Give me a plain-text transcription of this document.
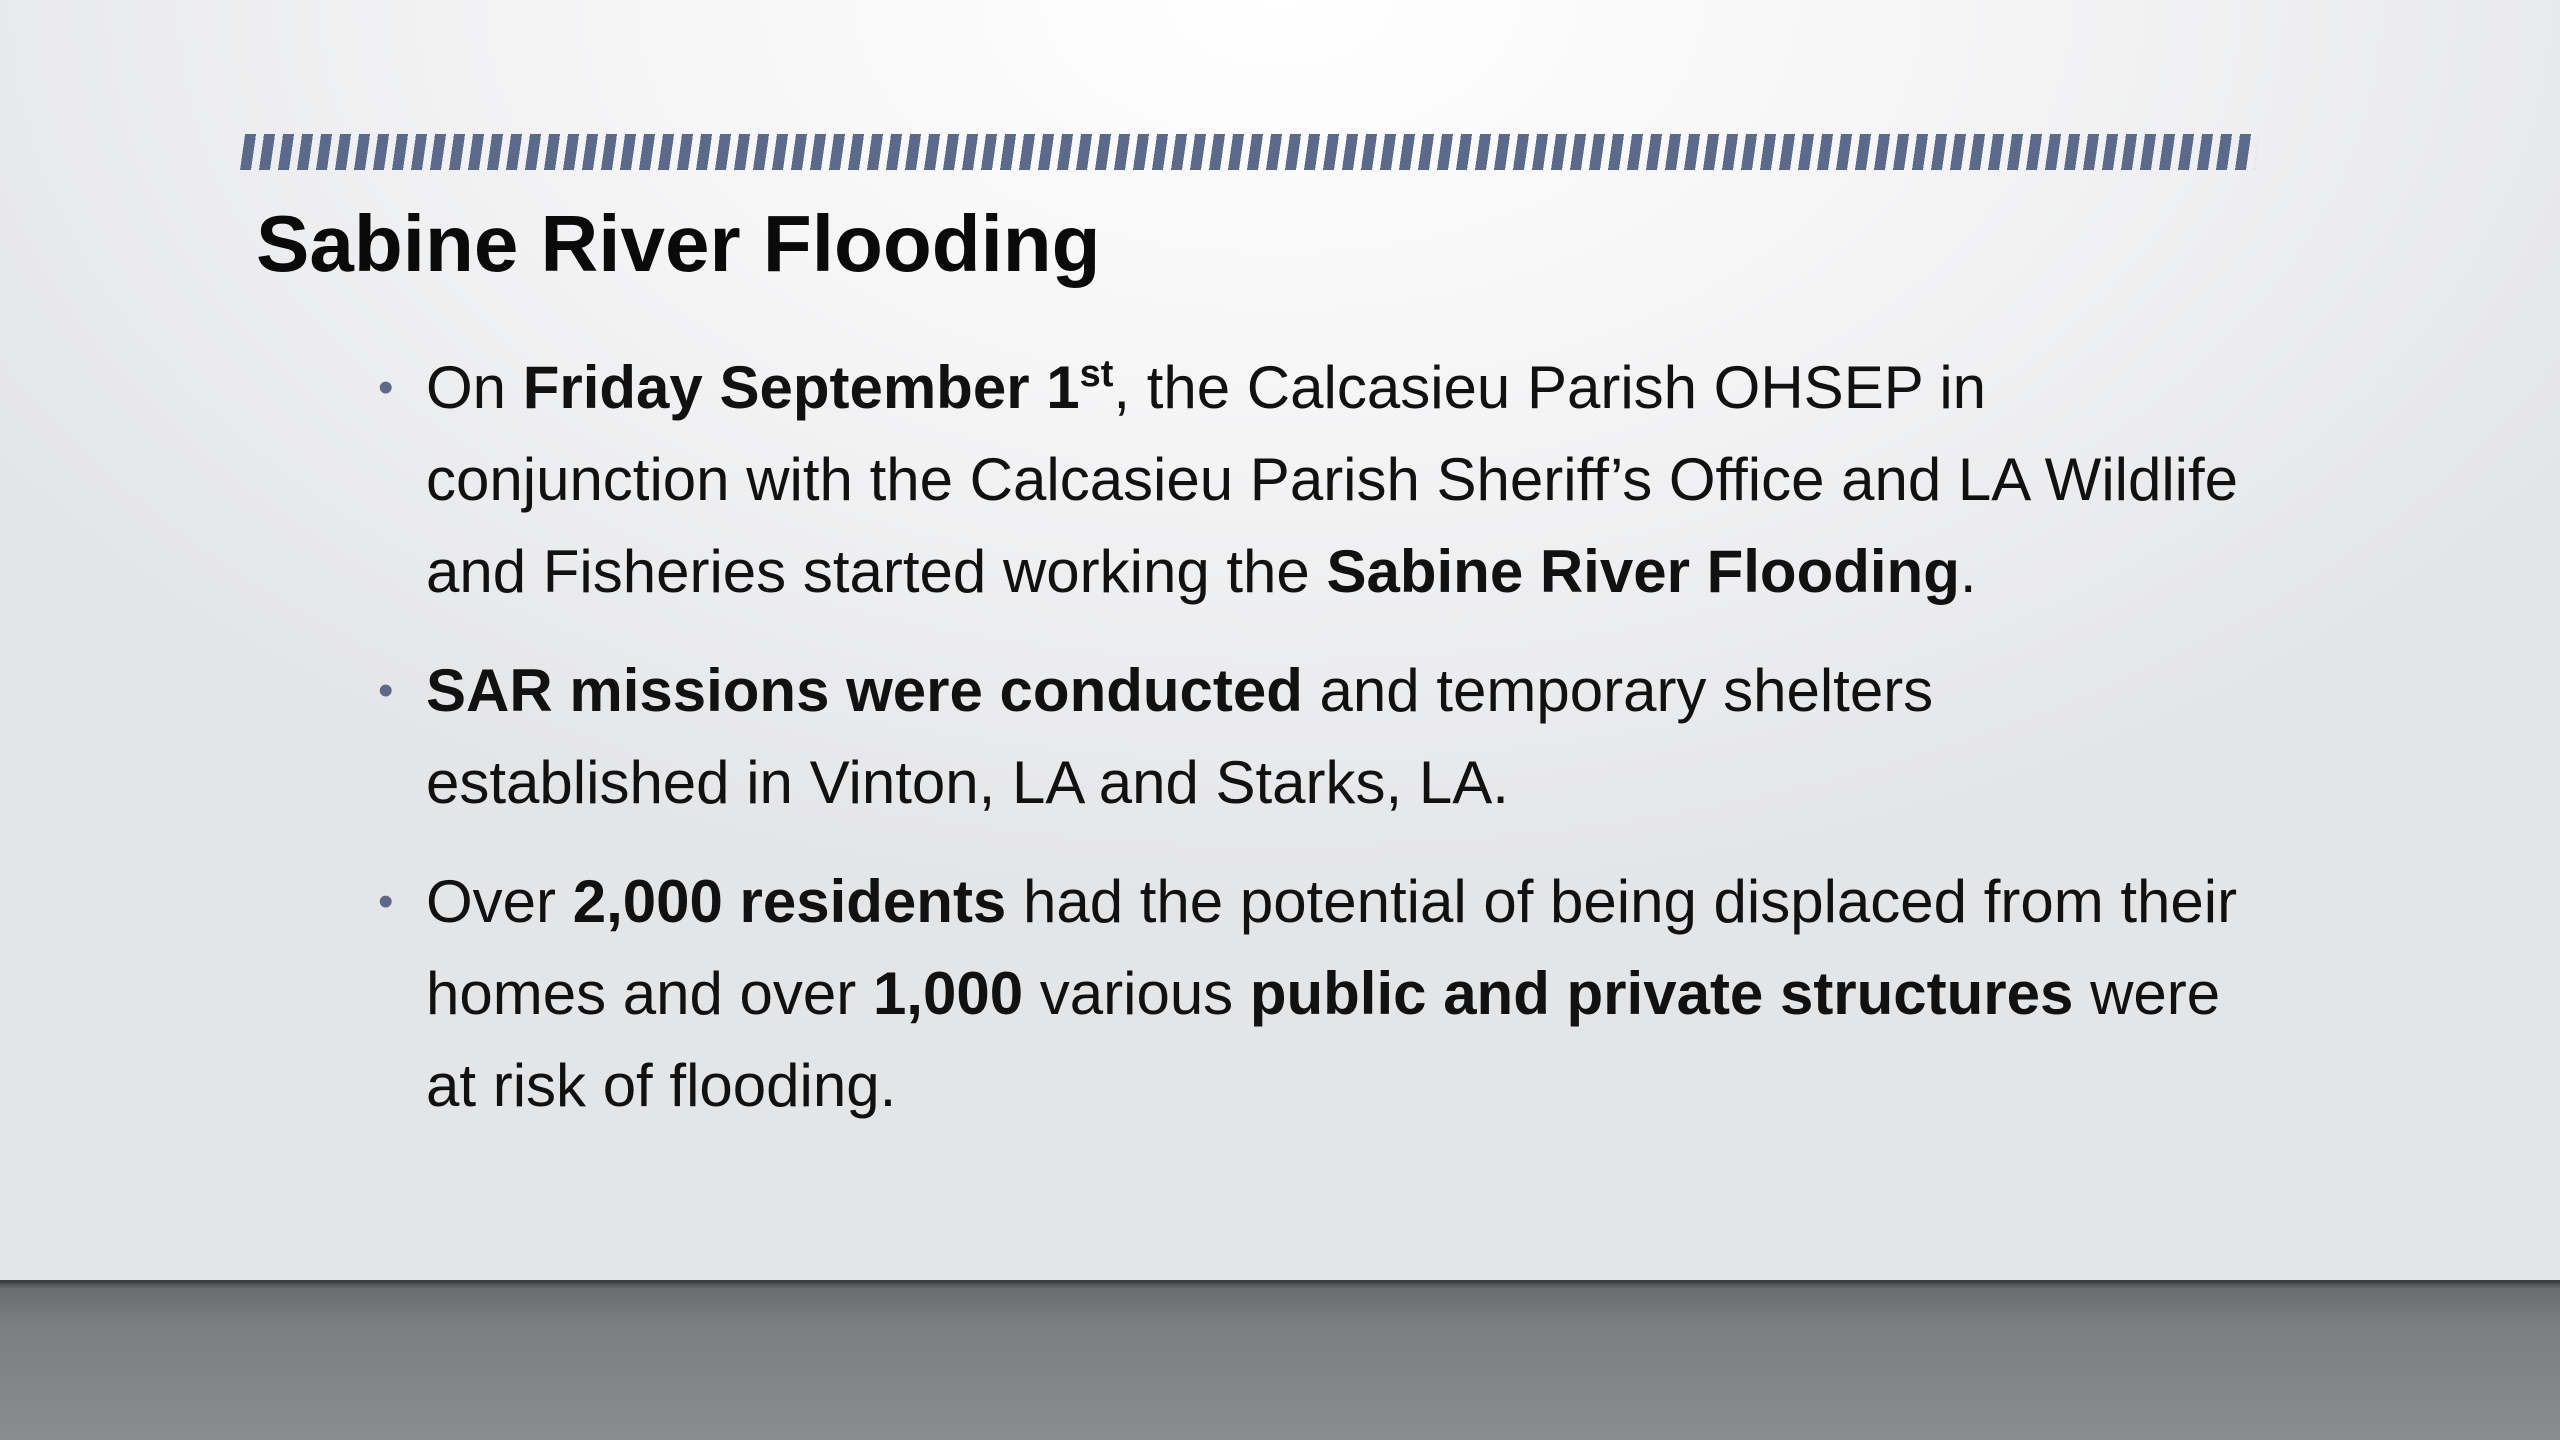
Sabine River Flooding
• On Friday September 1st, the Calcasieu Parish OHSEP in conjunction with the Calcasieu Parish Sheriff’s Office and LA Wildlife and Fisheries started working the Sabine River Flooding.
• SAR missions were conducted and temporary shelters established in Vinton, LA and Starks, LA.
• Over 2,000 residents had the potential of being displaced from their homes and over 1,000 various public and private structures were at risk of flooding.
